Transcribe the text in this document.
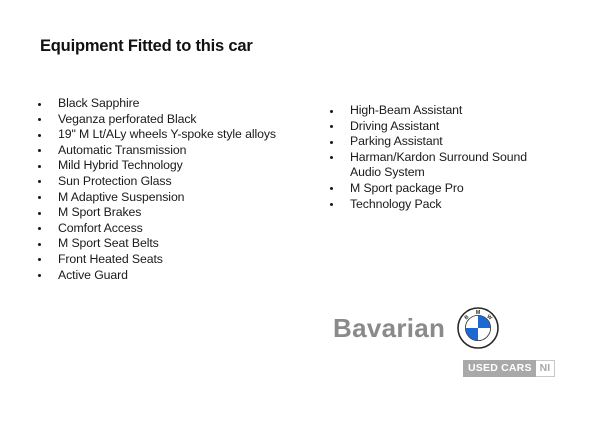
Equipment Fitted to this car
Black Sapphire
Veganza perforated Black
19" M Lt/ALy wheels Y-spoke style alloys
Automatic Transmission
Mild Hybrid Technology
Sun Protection Glass
M Adaptive Suspension
M Sport Brakes
Comfort Access
M Sport Seat Belts
Front Heated Seats
Active Guard
High-Beam Assistant
Driving Assistant
Parking Assistant
Harman/Kardon Surround Sound Audio System
M Sport package Pro
Technology Pack
Bavarian	B
M
W
USED CARS NI
